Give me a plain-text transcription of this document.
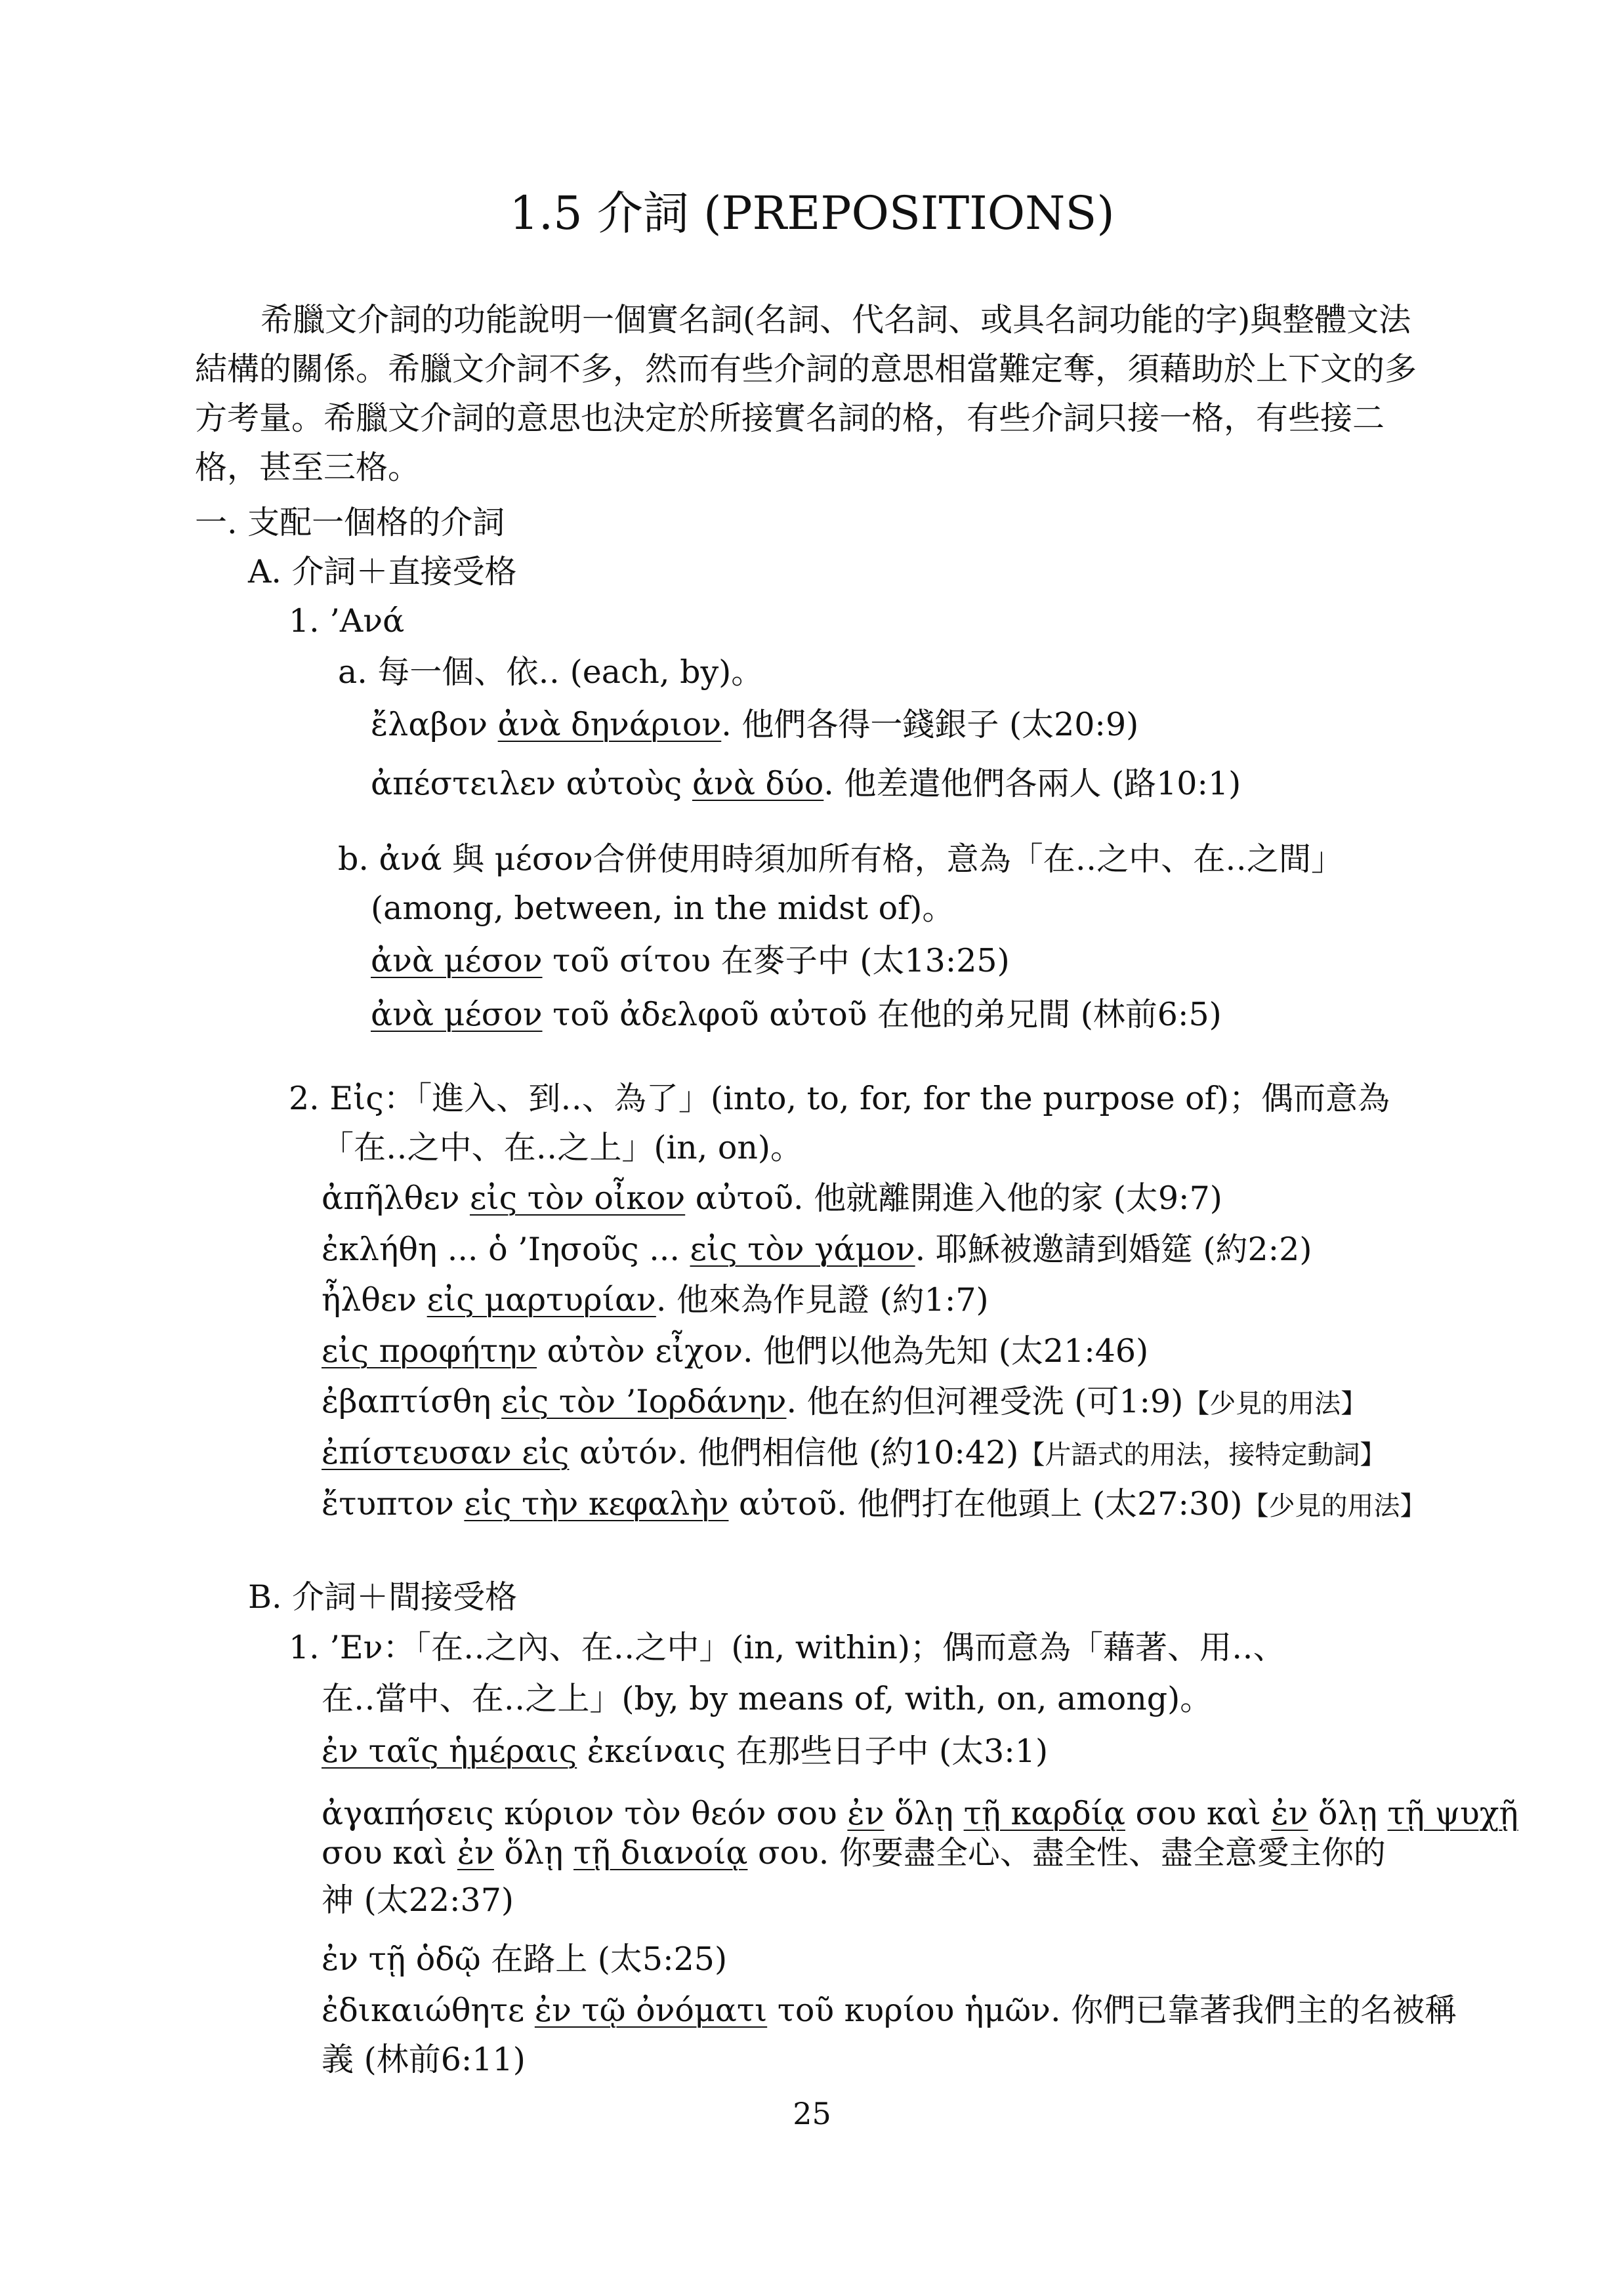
1.5 介詞 (PREPOSITIONS)

希臘文介詞的功能說明一個實名詞(名詞、代名詞、或具名詞功能的字)與整體文法結構的關係。希臘文介詞不多，然而有些介詞的意思相當難定奪，須藉助於上下文的多方考量。希臘文介詞的意思也決定於所接實名詞的格，有些介詞只接一格，有些接二格，甚至三格。

一. 支配一個格的介詞
A. 介詞＋直接受格
1. ’Ανά
a. 每一個、依‥ (each, by)。
ἔλαβον ἀνὰ δηνάριον. 他們各得一錢銀子 (太20:9)
ἀπέστειλεν αὐτοὺς ἀνὰ δύο. 他差遣他們各兩人 (路10:1)
b. ἀνά 與 μέσον合併使用時須加所有格，意為「在‥之中、在‥之間」
(among, between, in the midst of)。
ἀνὰ μέσον τοῦ σίτου 在麥子中 (太13:25)
ἀνὰ μέσον τοῦ ἀδελφοῦ αὐτοῦ 在他的弟兄間 (林前6:5)
2. Εἰς：「進入、到‥、為了」(into, to, for, for the purpose of)；偶而意為
「在‥之中、在‥之上」(in, on)。
ἀπῆλθεν εἰς τὸν οἶκον αὐτοῦ. 他就離開進入他的家 (太9:7)
ἐκλήθη ... ὁ ’Ιησοῦς ... εἰς τὸν γάμον. 耶穌被邀請到婚筵 (約2:2)
ἦλθεν εἰς μαρτυρίαν. 他來為作見證 (約1:7)
εἰς προφήτην αὐτὸν εἶχον. 他們以他為先知 (太21:46)
ἐβαπτίσθη εἰς τὸν ’Ιορδάνην. 他在約但河裡受洗 (可1:9)【少見的用法】
ἐπίστευσαν εἰς αὐτόν. 他們相信他 (約10:42)【片語式的用法，接特定動詞】
ἔτυπτον εἰς τὴν κεφαλὴν αὐτοῦ. 他們打在他頭上 (太27:30)【少見的用法】
B. 介詞＋間接受格
1. ’Εν：「在‥之內、在‥之中」(in, within)；偶而意為「藉著、用‥、
在‥當中、在‥之上」(by, by means of, with, on, among)。
ἐν ταῖς ἡμέραις ἐκείναις 在那些日子中 (太3:1)
ἀγαπήσεις κύριον τὸν θεόν σου ἐν ὅλῃ τῇ καρδίᾳ σου καὶ ἐν ὅλῃ τῇ ψυχῇ
σου καὶ ἐν ὅλῃ τῇ διανοίᾳ σου. 你要盡全心、盡全性、盡全意愛主你的
神 (太22:37)
ἐν τῇ ὁδῷ 在路上 (太5:25)
ἐδικαιώθητε ἐν τῷ ὀνόματι τοῦ κυρίου ἡμῶν. 你們已靠著我們主的名被稱
義 (林前6:11)
25
